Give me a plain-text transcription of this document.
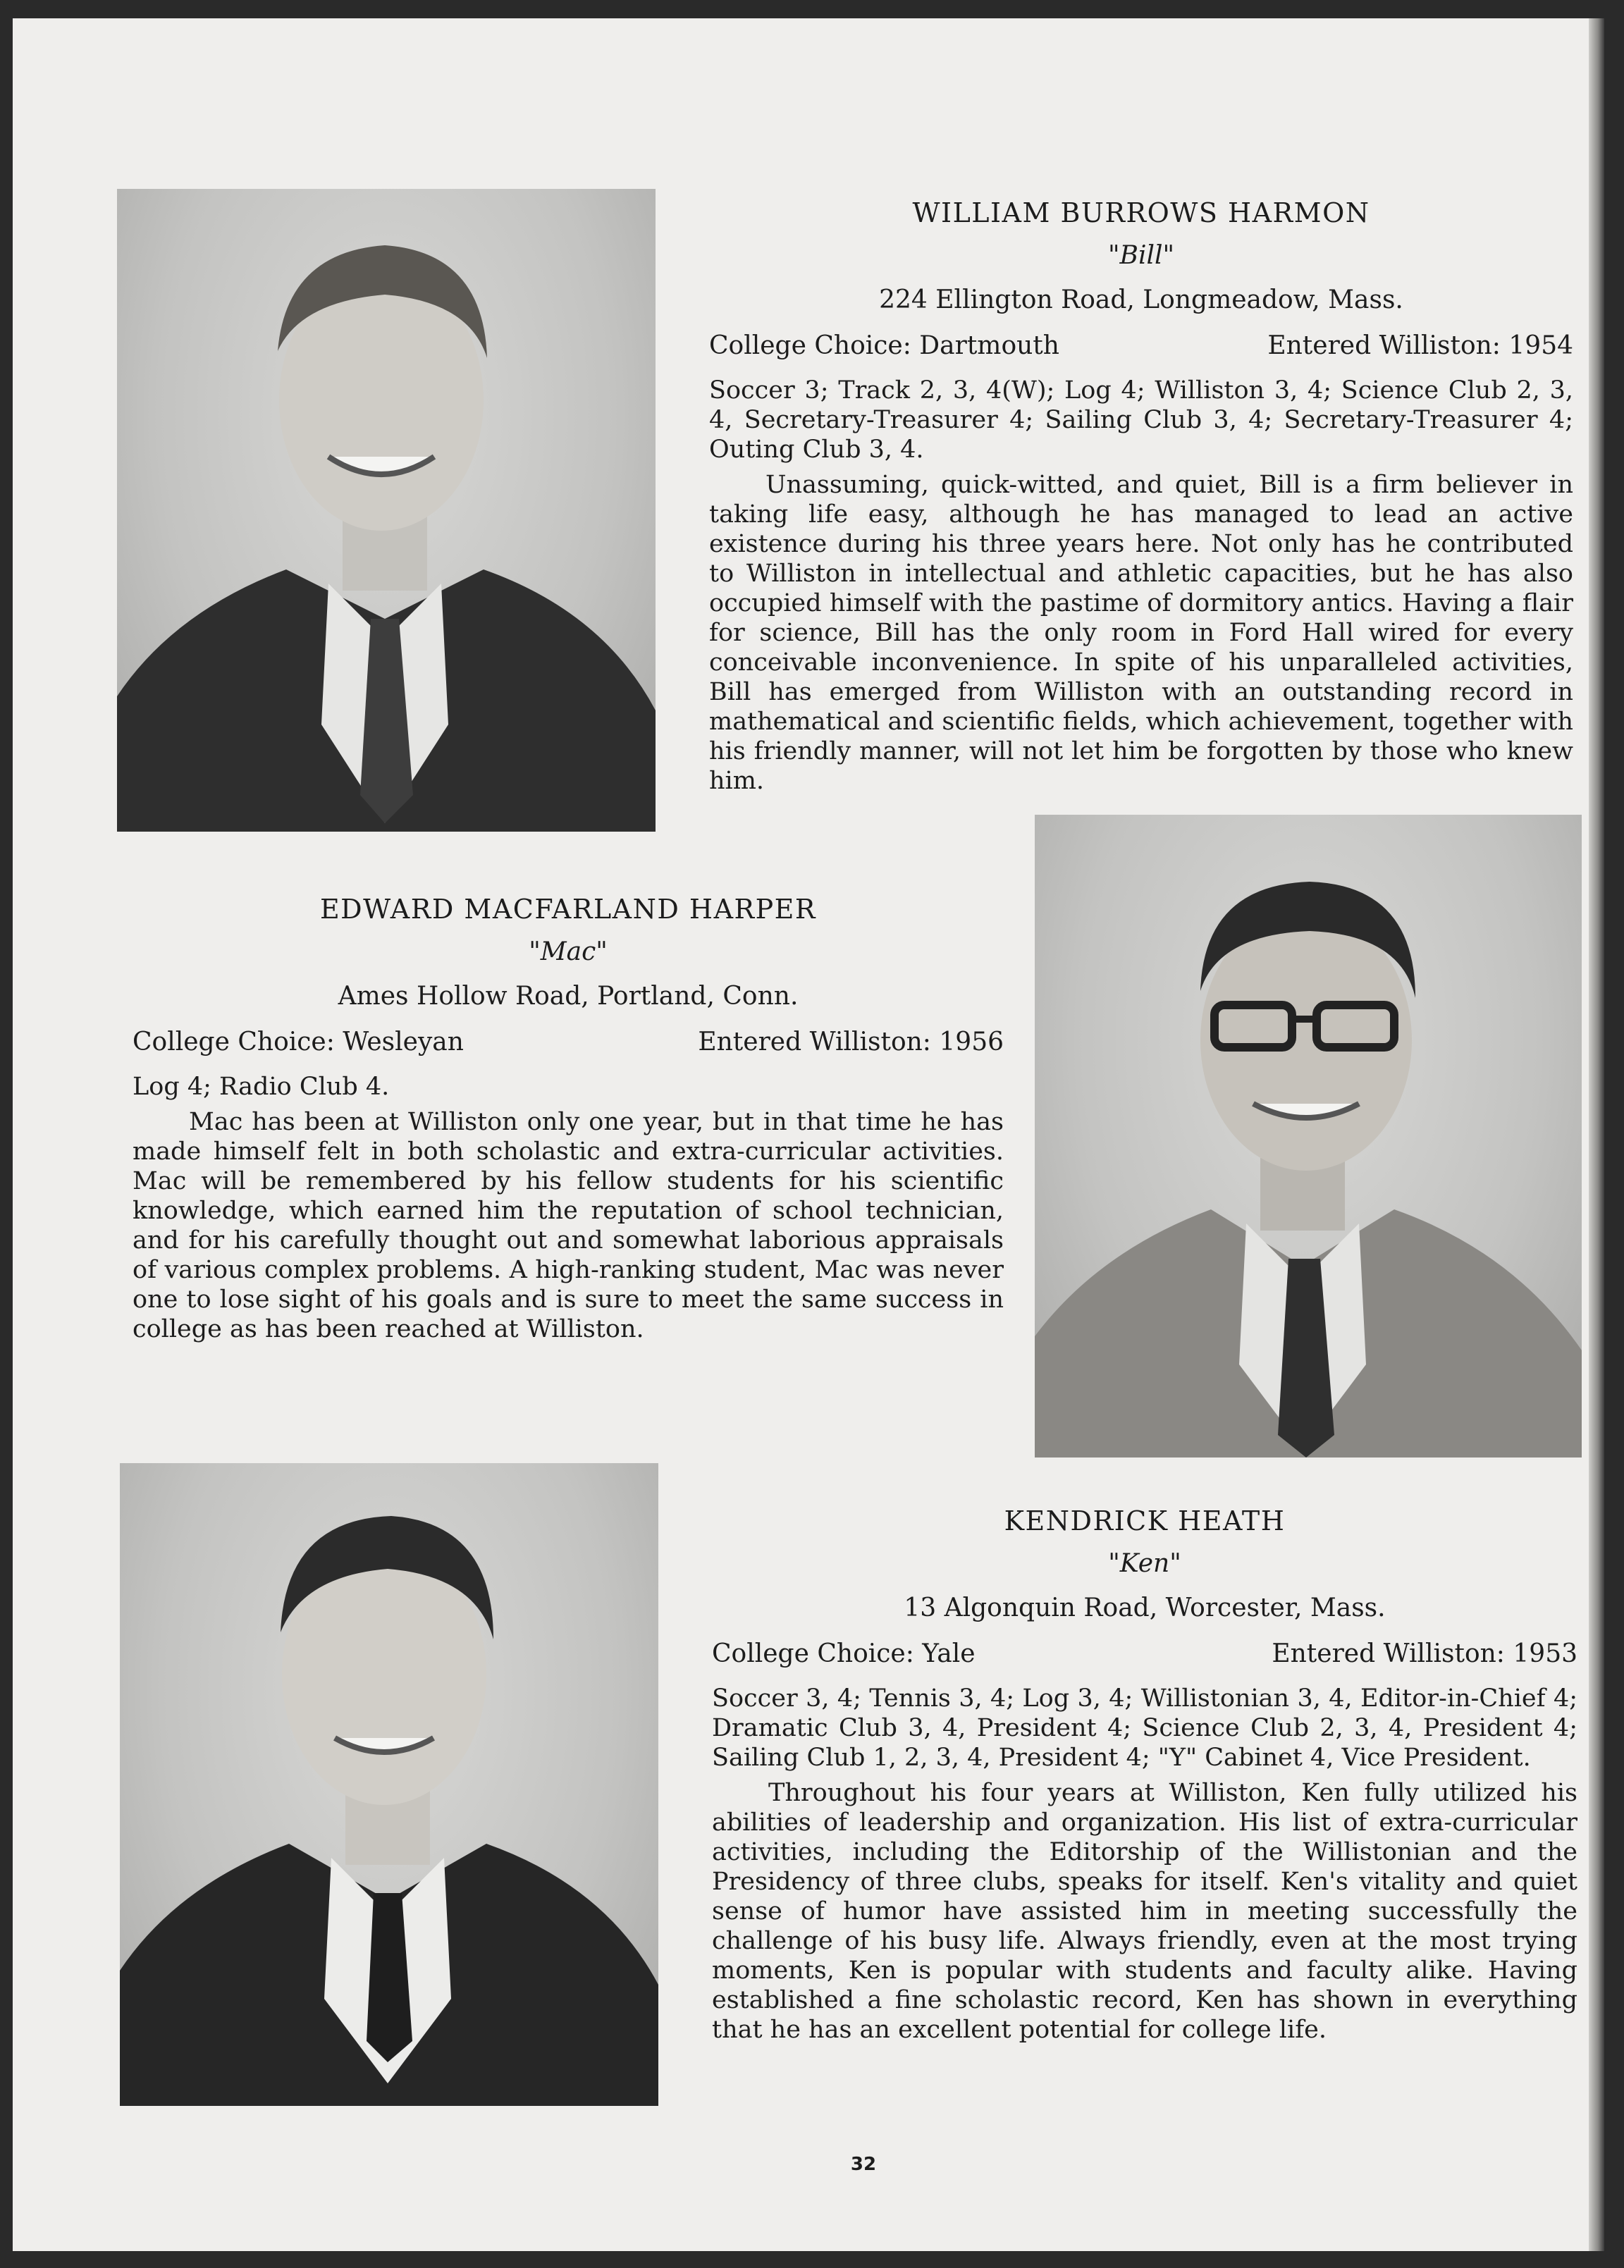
WILLIAM BURROWS HARMON

"Bill"

224 Ellington Road, Longmeadow, Mass.

College Choice: Dartmouth	Entered Williston: 1954

Soccer 3; Track 2, 3, 4(W); Log 4; Williston 3, 4; Science Club 2, 3, 4, Secretary-Treasurer 4; Sailing Club 3, 4; Secretary-Treasurer 4; Outing Club 3, 4.

Unassuming, quick-witted, and quiet, Bill is a firm believer in taking life easy, although he has managed to lead an active existence during his three years here. Not only has he contributed to Williston in intellectual and athletic capacities, but he has also occupied himself with the pastime of dormitory antics. Having a flair for science, Bill has the only room in Ford Hall wired for every conceivable inconvenience. In spite of his unparalleled activities, Bill has emerged from Williston with an outstanding record in mathematical and scientific fields, which achievement, together with his friendly manner, will not let him be forgotten by those who knew him.

EDWARD MACFARLAND HARPER

"Mac"

Ames Hollow Road, Portland, Conn.

College Choice: Wesleyan	Entered Williston: 1956

Log 4; Radio Club 4.

Mac has been at Williston only one year, but in that time he has made himself felt in both scholastic and extra-curricular activities. Mac will be remembered by his fellow students for his scientific knowledge, which earned him the reputation of school technician, and for his carefully thought out and somewhat laborious appraisals of various complex problems. A high-ranking student, Mac was never one to lose sight of his goals and is sure to meet the same success in college as has been reached at Williston.

KENDRICK HEATH

"Ken"

13 Algonquin Road, Worcester, Mass.

College Choice: Yale	Entered Williston: 1953

Soccer 3, 4; Tennis 3, 4; Log 3, 4; Willistonian 3, 4, Editor-in-Chief 4; Dramatic Club 3, 4, President 4; Science Club 2, 3, 4, President 4; Sailing Club 1, 2, 3, 4, President 4; "Y" Cabinet 4, Vice President.

Throughout his four years at Williston, Ken fully utilized his abilities of leadership and organization. His list of extra-curricular activities, including the Editorship of the Willistonian and the Presidency of three clubs, speaks for itself. Ken's vitality and quiet sense of humor have assisted him in meeting successfully the challenge of his busy life. Always friendly, even at the most trying moments, Ken is popular with students and faculty alike. Having established a fine scholastic record, Ken has shown in everything that he has an excellent potential for college life.

32
